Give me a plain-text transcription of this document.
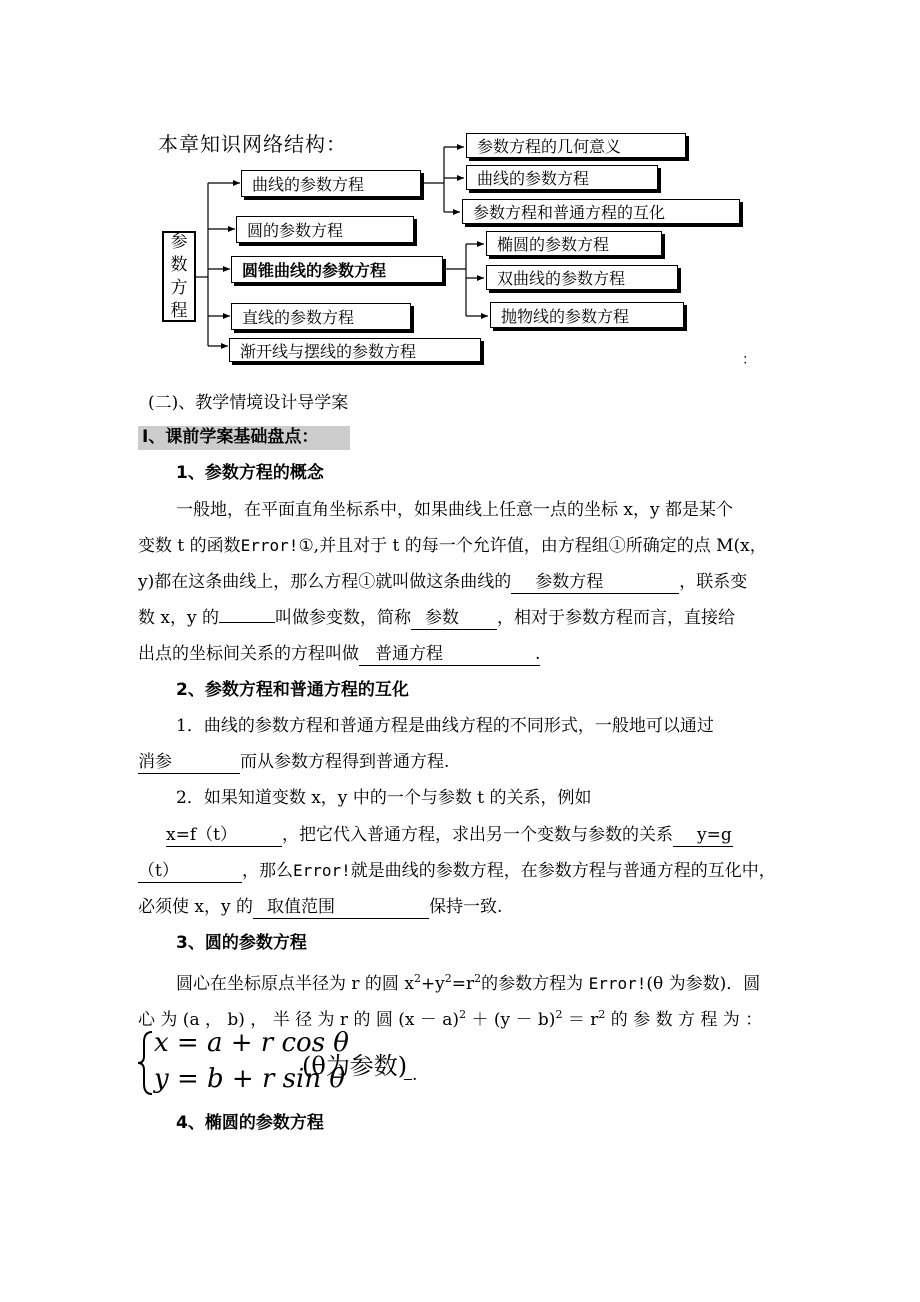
本章知识网络结构：
参
数
方
程
曲线的参数方程
圆的参数方程
圆锥曲线的参数方程
直线的参数方程
渐开线与摆线的参数方程
参数方程的几何意义
曲线的参数方程
参数方程和普通方程的互化
椭圆的参数方程
双曲线的参数方程
抛物线的参数方程
：
(二)、教学情境设计导学案
Ⅰ、课前学案基础盘点：
1、参数方程的概念
一般地，在平面直角坐标系中，如果曲线上任意一点的坐标 x，y 都是某个
变数 t 的函数Error!①,并且对于 t 的每一个允许值，由方程组①所确定的点 M(x，
y)都在这条曲线上，那么方程①就叫做这条曲线的 参数方程	，联系变
数 x，y 的	叫做参变数，简称 参数 ，相对于参数方程而言，直接给
出点的坐标间关系的方程叫做 普通方程	.
2、参数方程和普通方程的互化
1．曲线的参数方程和普通方程是曲线方程的不同形式，一般地可以通过
消参	而从参数方程得到普通方程.
2．如果知道变数 x，y 中的一个与参数 t 的关系，例如
x=f（t）	，把它代入普通方程，求出另一个变数与参数的关系 y=g
（t）	，那么Error!就是曲线的参数方程，在参数方程与普通方程的互化中，
必须使 x，y 的 取值范围	保持一致.
3、圆的参数方程
圆心在坐标原点半径为 r 的圆 $x^2+y^2=r^2$的参数方程为 Error!(θ 为参数)．圆
心 为 (a ， b) ， 半 径 为 r 的 圆 $(x - a)^2 + (y - b)^2 = r^2$ 的 参 数 方 程 为 ：
x = a + r cos θ
y = b + r sin θ
(θ为参数) .
4、椭圆的参数方程
